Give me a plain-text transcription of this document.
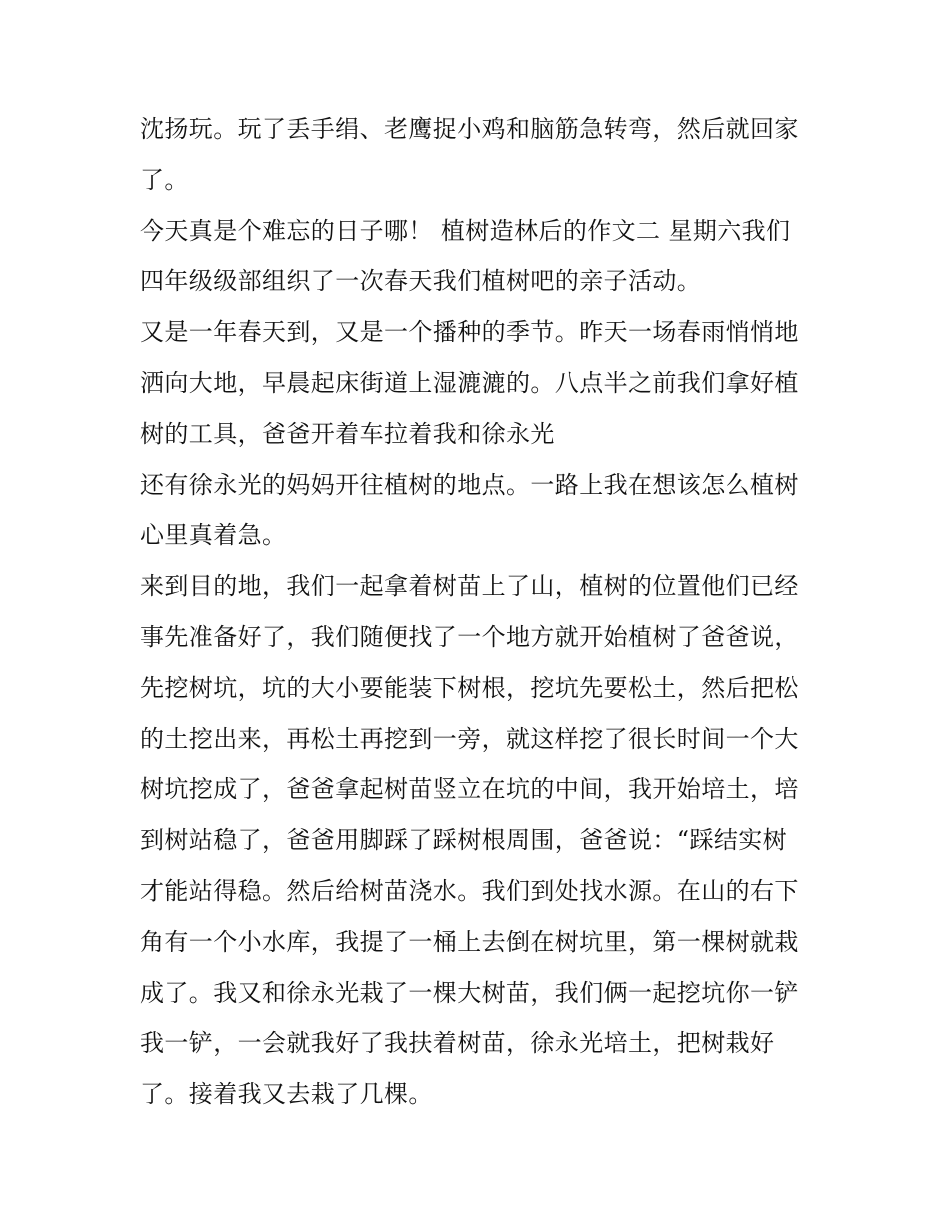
沈扬玩。玩了丢手绢、老鹰捉小鸡和脑筋急转弯，然后就回家
了。
今天真是个难忘的日子哪！ 植树造林后的作文二 星期六我们
四年级级部组织了一次春天我们植树吧的亲子活动。
又是一年春天到，又是一个播种的季节。昨天一场春雨悄悄地
洒向大地，早晨起床街道上湿漉漉的。八点半之前我们拿好植
树的工具，爸爸开着车拉着我和徐永光
还有徐永光的妈妈开往植树的地点。一路上我在想该怎么植树
心里真着急。
来到目的地，我们一起拿着树苗上了山，植树的位置他们已经
事先准备好了，我们随便找了一个地方就开始植树了爸爸说，
先挖树坑，坑的大小要能装下树根，挖坑先要松土，然后把松
的土挖出来，再松土再挖到一旁，就这样挖了很长时间一个大
树坑挖成了，爸爸拿起树苗竖立在坑的中间，我开始培土，培
到树站稳了，爸爸用脚踩了踩树根周围，爸爸说：“踩结实树
才能站得稳。然后给树苗浇水。我们到处找水源。在山的右下
角有一个小水库，我提了一桶上去倒在树坑里，第一棵树就栽
成了。我又和徐永光栽了一棵大树苗，我们俩一起挖坑你一铲
我一铲，一会就我好了我扶着树苗，徐永光培土，把树栽好
了。接着我又去栽了几棵。
